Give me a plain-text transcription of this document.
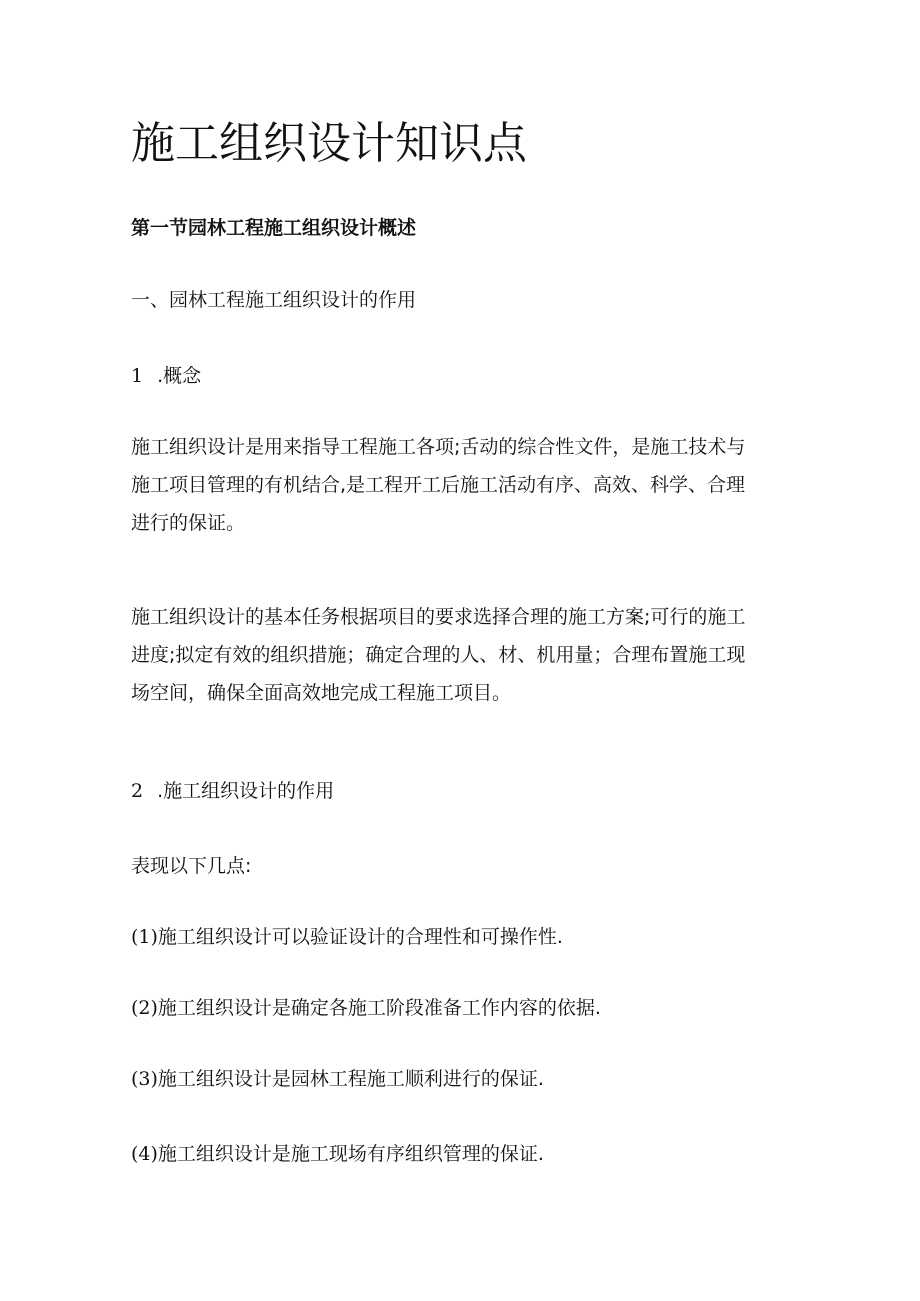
施工组织设计知识点
第一节园林工程施工组织设计概述
一、园林工程施工组织设计的作用
1 .概念
施工组织设计是用来指导工程施工各项;舌动的综合性文件，是施工技术与
施工项目管理的有机结合,是工程开工后施工活动有序、高效、科学、合理
进行的保证。
施工组织设计的基本任务根据项目的要求选择合理的施工方案;可行的施工
进度;拟定有效的组织措施；确定合理的人、材、机用量；合理布置施工现
场空间，确保全面高效地完成工程施工项目。
2 .施工组织设计的作用
表现以下几点:
(1)施工组织设计可以验证设计的合理性和可操作性.
(2)施工组织设计是确定各施工阶段准备工作内容的依据.
(3)施工组织设计是园林工程施工顺利进行的保证.
(4)施工组织设计是施工现场有序组织管理的保证.
